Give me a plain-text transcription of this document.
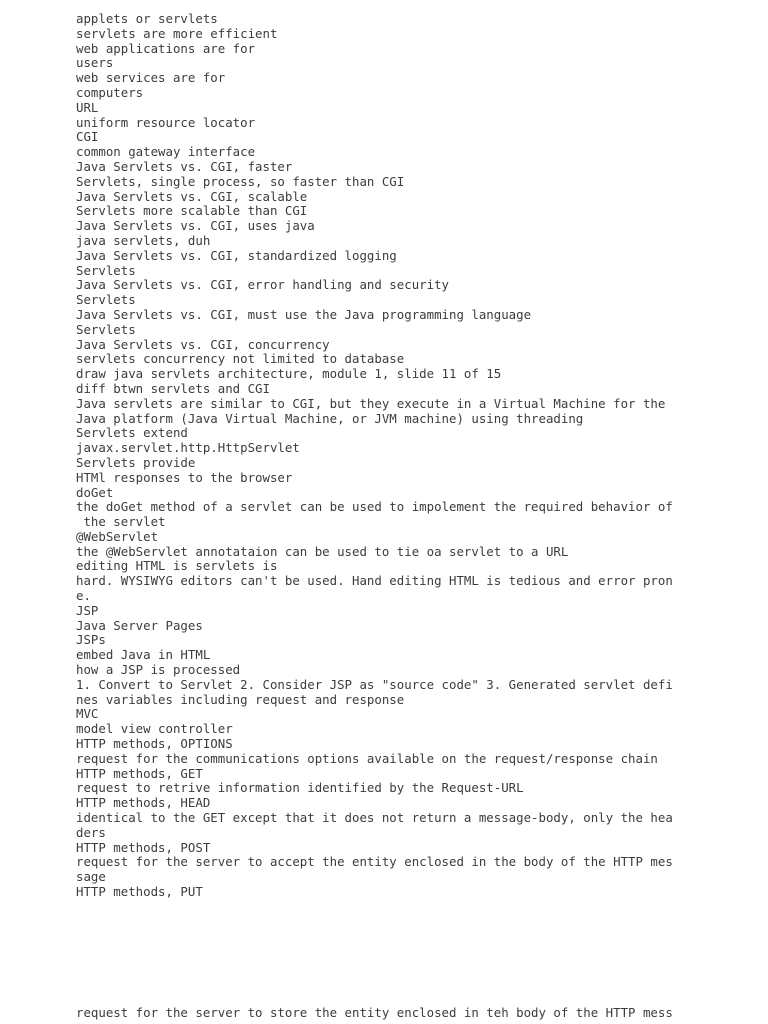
applets or servlets
servlets are more efficient
web applications are for
users
web services are for
computers
URL
uniform resource locator
CGI
common gateway interface
Java Servlets vs. CGI, faster
Servlets, single process, so faster than CGI
Java Servlets vs. CGI, scalable
Servlets more scalable than CGI
Java Servlets vs. CGI, uses java
java servlets, duh
Java Servlets vs. CGI, standardized logging
Servlets
Java Servlets vs. CGI, error handling and security
Servlets
Java Servlets vs. CGI, must use the Java programming language
Servlets
Java Servlets vs. CGI, concurrency
servlets concurrency not limited to database
draw java servlets architecture, module 1, slide 11 of 15
diff btwn servlets and CGI
Java servlets are similar to CGI, but they execute in a Virtual Machine for the
Java platform (Java Virtual Machine, or JVM machine) using threading
Servlets extend
javax.servlet.http.HttpServlet
Servlets provide
HTMl responses to the browser
doGet
the doGet method of a servlet can be used to impolement the required behavior of
the servlet
@WebServlet
the @WebServlet annotataion can be used to tie oa servlet to a URL
editing HTML is servlets is
hard. WYSIWYG editors can't be used. Hand editing HTML is tedious and error pron
e.
JSP
Java Server Pages
JSPs
embed Java in HTML
how a JSP is processed
1. Convert to Servlet 2. Consider JSP as "source code" 3. Generated servlet defi
nes variables including request and response
MVC
model view controller
HTTP methods, OPTIONS
request for the communications options available on the request/response chain
HTTP methods, GET
request to retrive information identified by the Request-URL
HTTP methods, HEAD
identical to the GET except that it does not return a message-body, only the hea
ders
HTTP methods, POST
request for the server to accept the entity enclosed in the body of the HTTP mes
sage
HTTP methods, PUT
request for the server to store the entity enclosed in teh body of the HTTP mess
